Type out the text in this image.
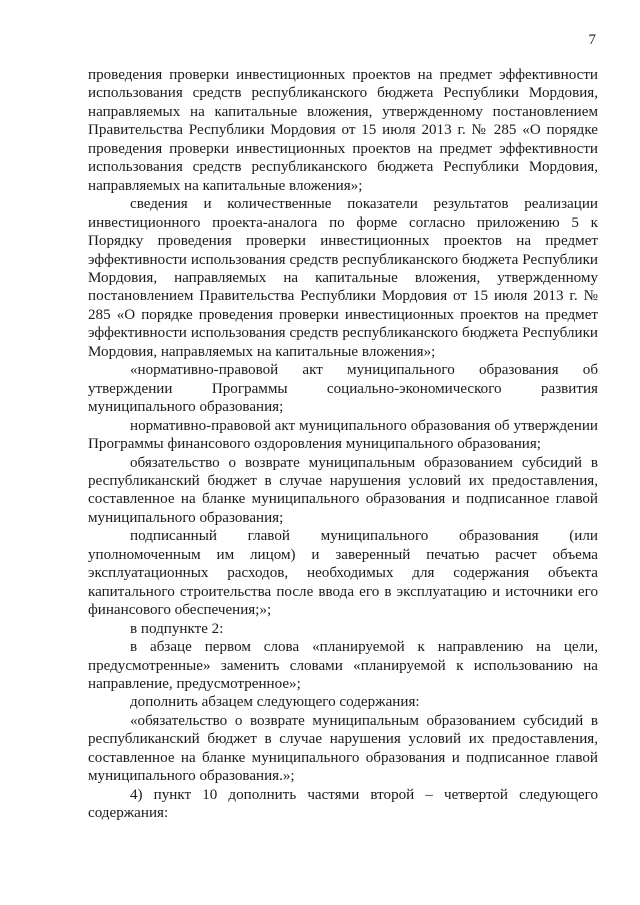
7

проведения проверки инвестиционных проектов на предмет эффективности использования средств республиканского бюджета Республики Мордовия, направляемых на капитальные вложения, утвержденному постановлением Правительства Республики Мордовия от 15 июля 2013 г. № 285 «О порядке проведения проверки инвестиционных проектов на предмет эффективности использования средств республиканского бюджета Республики Мордовия, направляемых на капитальные вложения»;

сведения и количественные показатели результатов реализации инвестиционного проекта-аналога по форме согласно приложению 5 к Порядку проведения проверки инвестиционных проектов на предмет эффективности использования средств республиканского бюджета Республики Мордовия, направляемых на капитальные вложения, утвержденному постановлением Правительства Республики Мордовия от 15 июля 2013 г. № 285 «О порядке проведения проверки инвестиционных проектов на предмет эффективности использования средств республиканского бюджета Республики Мордовия, направляемых на капитальные вложения»;

«нормативно-правовой акт муниципального образования об утверждении Программы социально-экономического развития муниципального образования;

нормативно-правовой акт муниципального образования об утверждении Программы финансового оздоровления муниципального образования;

обязательство о возврате муниципальным образованием субсидий в республиканский бюджет в случае нарушения условий их предоставления, составленное на бланке муниципального образования и подписанное главой муниципального образования;

подписанный главой муниципального образования (или уполномоченным им лицом) и заверенный печатью расчет объема эксплуатационных расходов, необходимых для содержания объекта капитального строительства после ввода его в эксплуатацию и источники его финансового обеспечения;»;

в подпункте 2:

в абзаце первом слова «планируемой к направлению на цели, предусмотренные» заменить словами «планируемой к использованию на направление, предусмотренное»;

дополнить абзацем следующего содержания:

«обязательство о возврате муниципальным образованием субсидий в республиканский бюджет в случае нарушения условий их предоставления, составленное на бланке муниципального образования и подписанное главой муниципального образования.»;

4) пункт 10 дополнить частями второй – четвертой следующего содержания:
